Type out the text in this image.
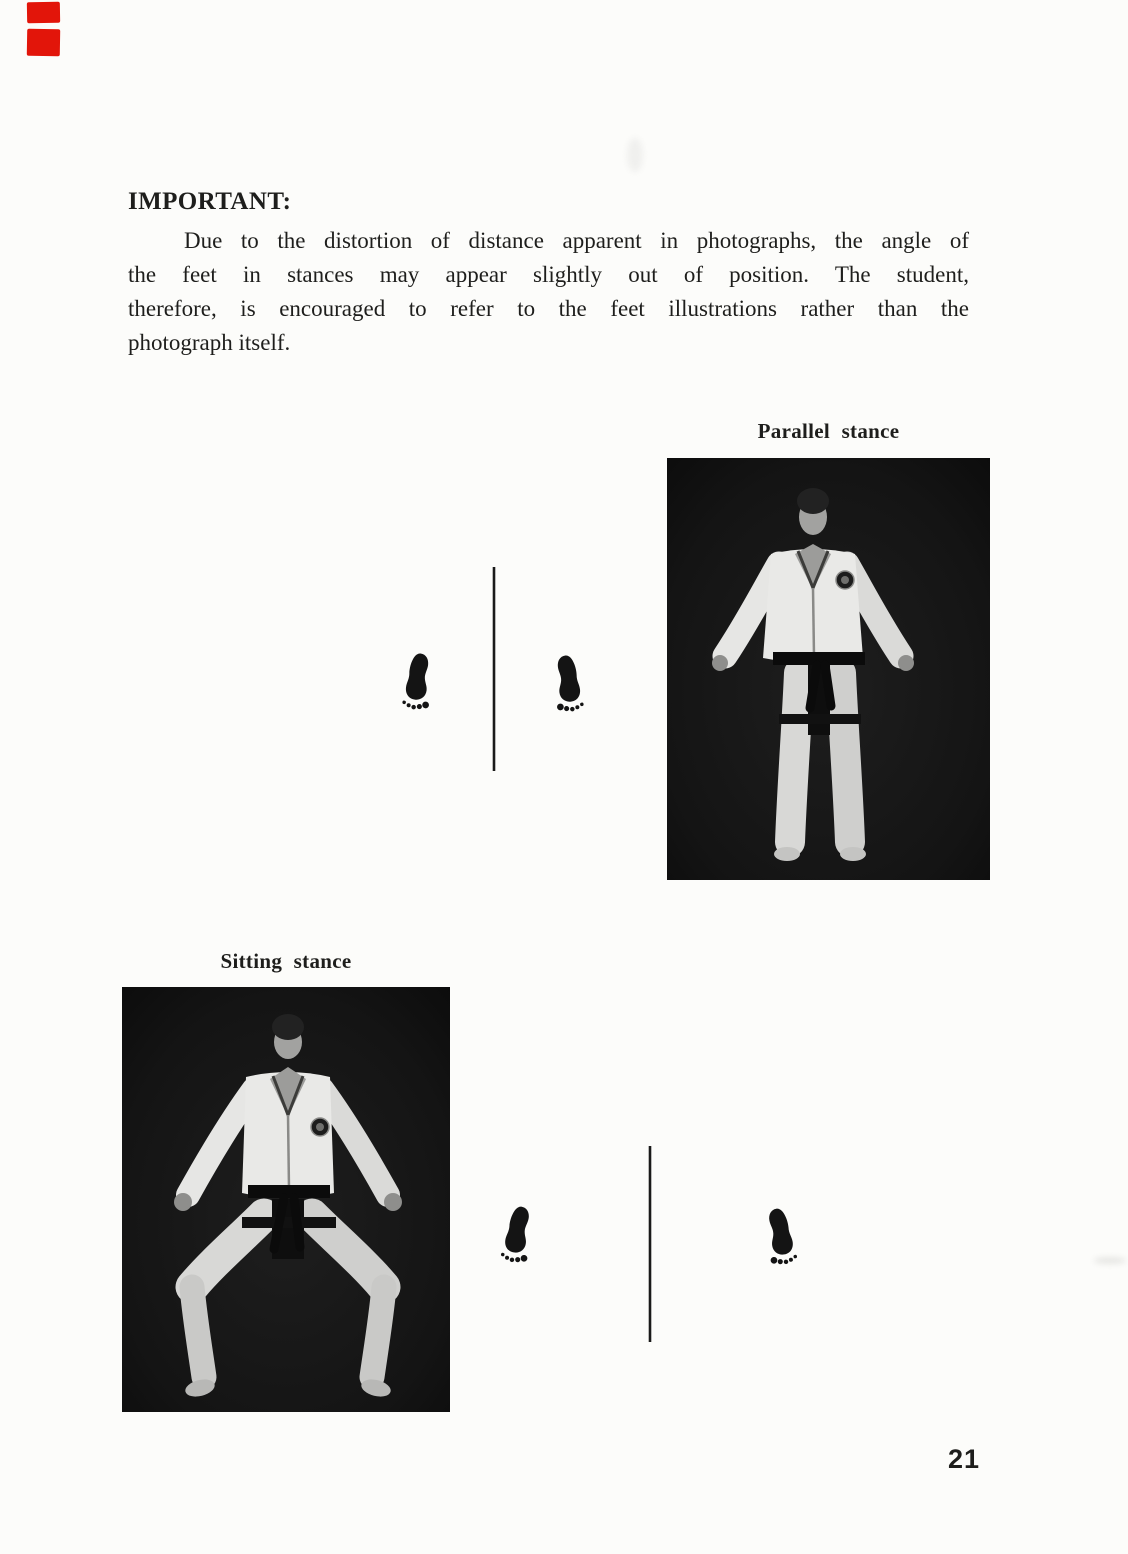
IMPORTANT:
Due to the distortion of distance apparent in photographs, the angle of
the feet in stances may appear slightly out of position. The student,
therefore, is encouraged to refer to the feet illustrations rather than the
photograph itself.
Parallel stance
Sitting stance
21
